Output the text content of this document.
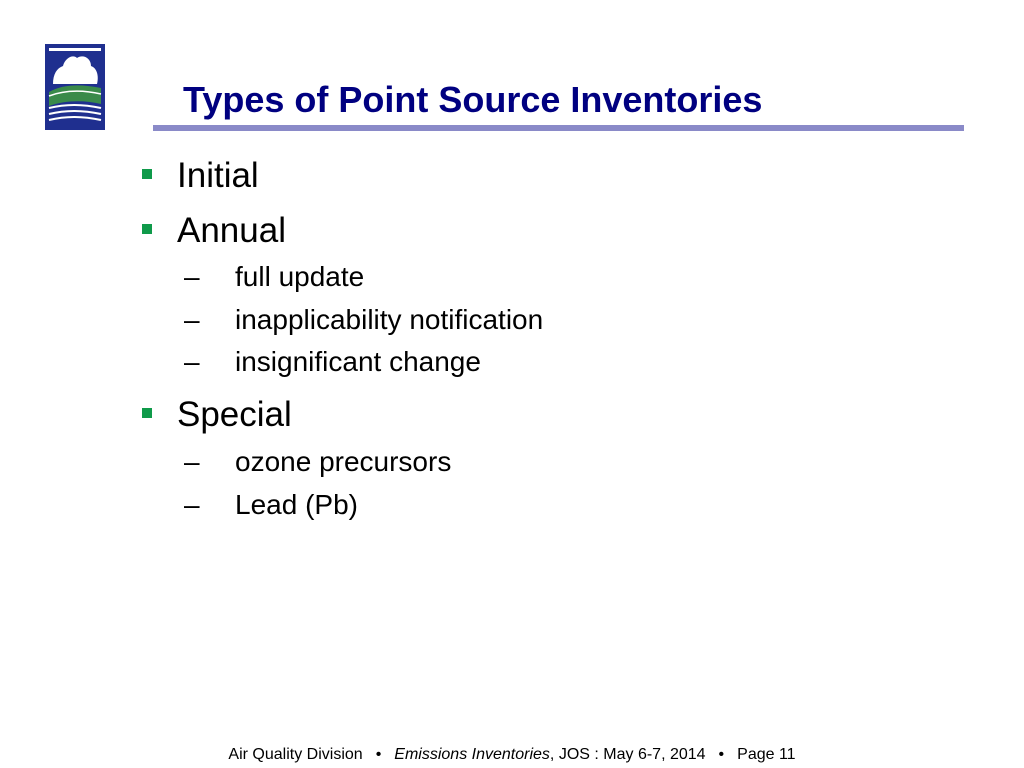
Types of Point Source Inventories
Initial
Annual
– full update
– inapplicability notification
– insignificant change
Special
– ozone precursors
– Lead (Pb)
Air Quality Division • Emissions Inventories, JOS : May 6-7, 2014 • Page 11
